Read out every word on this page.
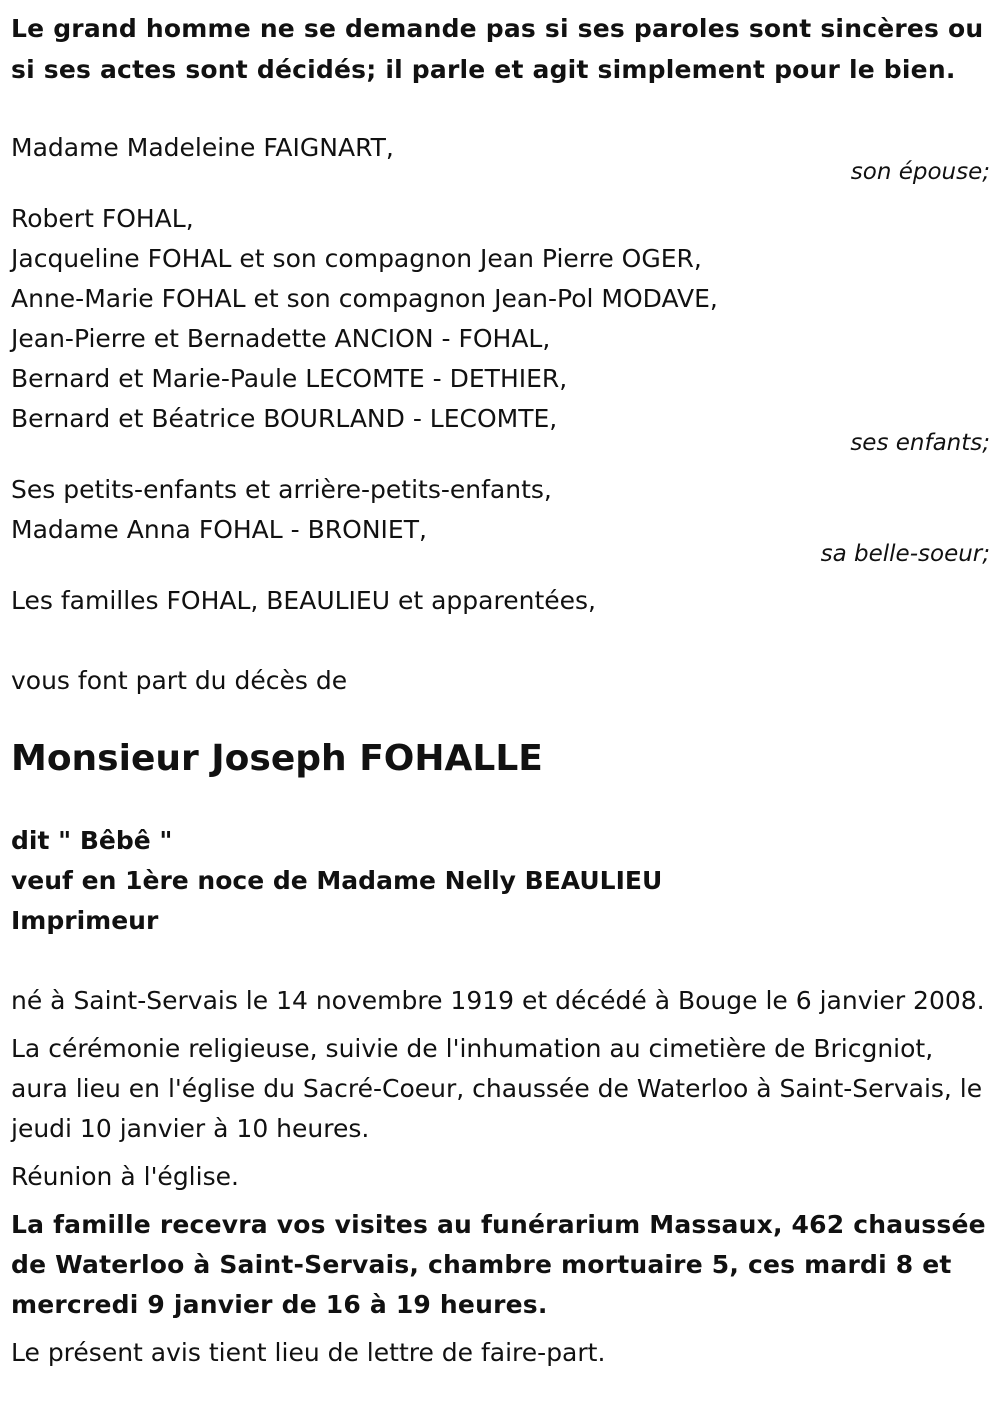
Le grand homme ne se demande pas si ses paroles sont sincères ou si ses actes sont décidés; il parle et agit simplement pour le bien.

Madame Madeleine FAIGNART,

son épouse;

Robert FOHAL,

Jacqueline FOHAL et son compagnon Jean Pierre OGER,

Anne-Marie FOHAL et son compagnon Jean-Pol MODAVE,

Jean-Pierre et Bernadette ANCION - FOHAL,

Bernard et Marie-Paule LECOMTE - DETHIER,

Bernard et Béatrice BOURLAND - LECOMTE,

ses enfants;

Ses petits-enfants et arrière-petits-enfants,

Madame Anna FOHAL - BRONIET,

sa belle-soeur;

Les familles FOHAL, BEAULIEU et apparentées,

vous font part du décès de

Monsieur Joseph FOHALLE

dit " Bêbê "

veuf en 1ère noce de Madame Nelly BEAULIEU

Imprimeur

né à Saint-Servais le 14 novembre 1919 et décédé à Bouge le 6 janvier 2008.

La cérémonie religieuse, suivie de l'inhumation au cimetière de Bricgniot, aura lieu en l'église du Sacré-Coeur, chaussée de Waterloo à Saint-Servais, le jeudi 10 janvier à 10 heures.

Réunion à l'église.

La famille recevra vos visites au funérarium Massaux, 462 chaussée de Waterloo à Saint-Servais, chambre mortuaire 5, ces mardi 8 et mercredi 9 janvier de 16 à 19 heures.

Le présent avis tient lieu de lettre de faire-part.
